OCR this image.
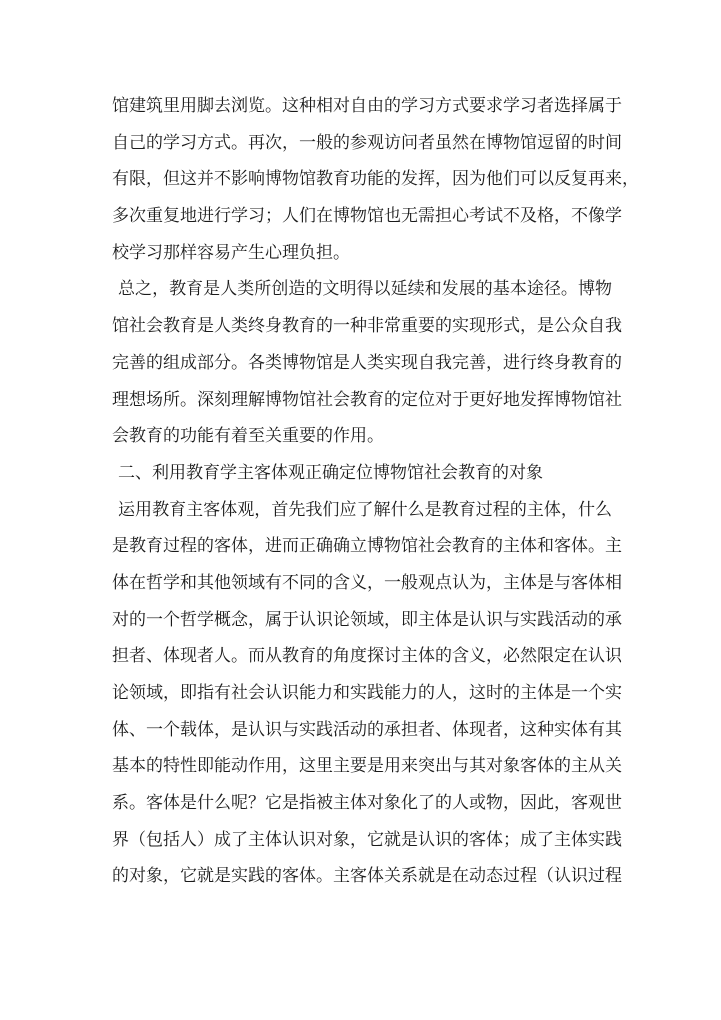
馆建筑里用脚去浏览。这种相对自由的学习方式要求学习者选择属于
自己的学习方式。再次，一般的参观访问者虽然在博物馆逗留的时间
有限，但这并不影响博物馆教育功能的发挥，因为他们可以反复再来，
多次重复地进行学习；人们在博物馆也无需担心考试不及格，不像学
校学习那样容易产生心理负担。
总之，教育是人类所创造的文明得以延续和发展的基本途径。博物
馆社会教育是人类终身教育的一种非常重要的实现形式，是公众自我
完善的组成部分。各类博物馆是人类实现自我完善，进行终身教育的
理想场所。深刻理解博物馆社会教育的定位对于更好地发挥博物馆社
会教育的功能有着至关重要的作用。
二、利用教育学主客体观正确定位博物馆社会教育的对象
运用教育主客体观，首先我们应了解什么是教育过程的主体，什么
是教育过程的客体，进而正确确立博物馆社会教育的主体和客体。主
体在哲学和其他领域有不同的含义，一般观点认为，主体是与客体相
对的一个哲学概念，属于认识论领域，即主体是认识与实践活动的承
担者、体现者人。而从教育的角度探讨主体的含义，必然限定在认识
论领域，即指有社会认识能力和实践能力的人，这时的主体是一个实
体、一个载体，是认识与实践活动的承担者、体现者，这种实体有其
基本的特性即能动作用，这里主要是用来突出与其对象客体的主从关
系。客体是什么呢？它是指被主体对象化了的人或物，因此，客观世
界（包括人）成了主体认识对象，它就是认识的客体；成了主体实践
的对象，它就是实践的客体。主客体关系就是在动态过程（认识过程
